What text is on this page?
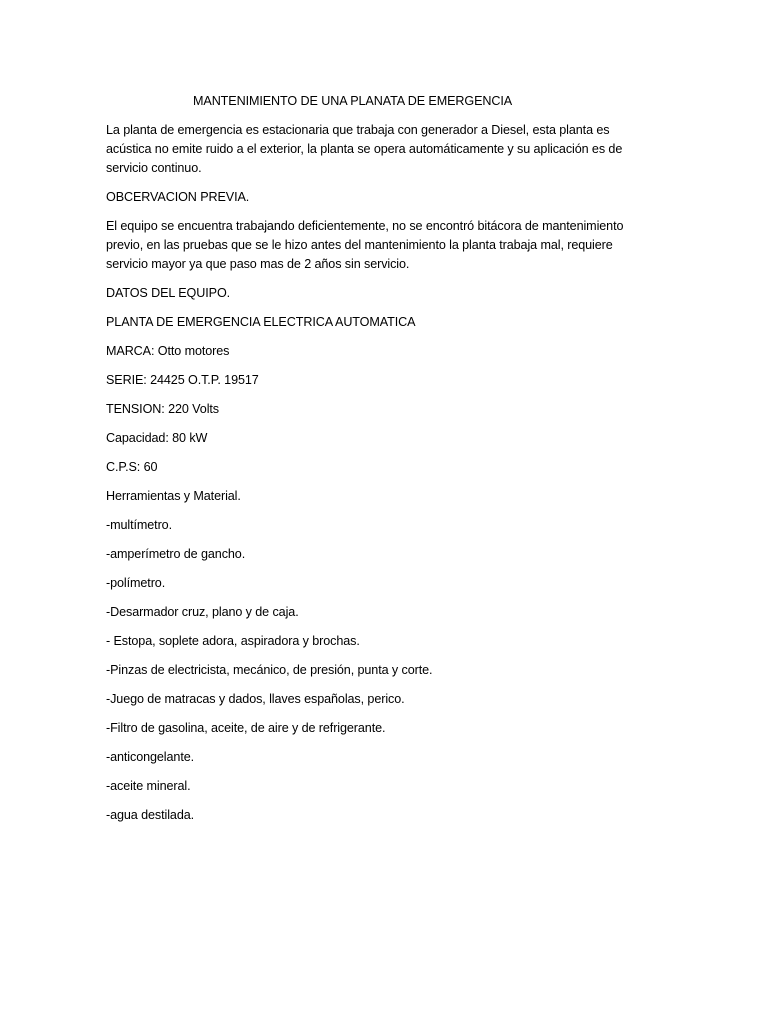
MANTENIMIENTO DE UNA PLANATA DE EMERGENCIA
La planta de emergencia es estacionaria que trabaja con generador a Diesel, esta planta es
acústica no emite ruido a el exterior, la planta se opera automáticamente y su aplicación es de
servicio continuo.
OBCERVACION PREVIA.
El equipo se encuentra trabajando deficientemente, no se encontró bitácora de mantenimiento
previo, en las pruebas que se le hizo antes del mantenimiento la planta trabaja mal, requiere
servicio mayor ya que paso mas de 2 años sin servicio.
DATOS DEL EQUIPO.
PLANTA DE EMERGENCIA ELECTRICA AUTOMATICA
MARCA: Otto motores
SERIE: 24425 O.T.P. 19517
TENSION: 220 Volts
Capacidad: 80 kW
C.P.S: 60
Herramientas y Material.
-multímetro.
-amperímetro de gancho.
-polímetro.
-Desarmador cruz, plano y de caja.
- Estopa, soplete adora, aspiradora y brochas.
-Pinzas de electricista, mecánico, de presión, punta y corte.
-Juego de matracas y dados, llaves españolas, perico.
-Filtro de gasolina, aceite, de aire y de refrigerante.
-anticongelante.
-aceite mineral.
-agua destilada.
